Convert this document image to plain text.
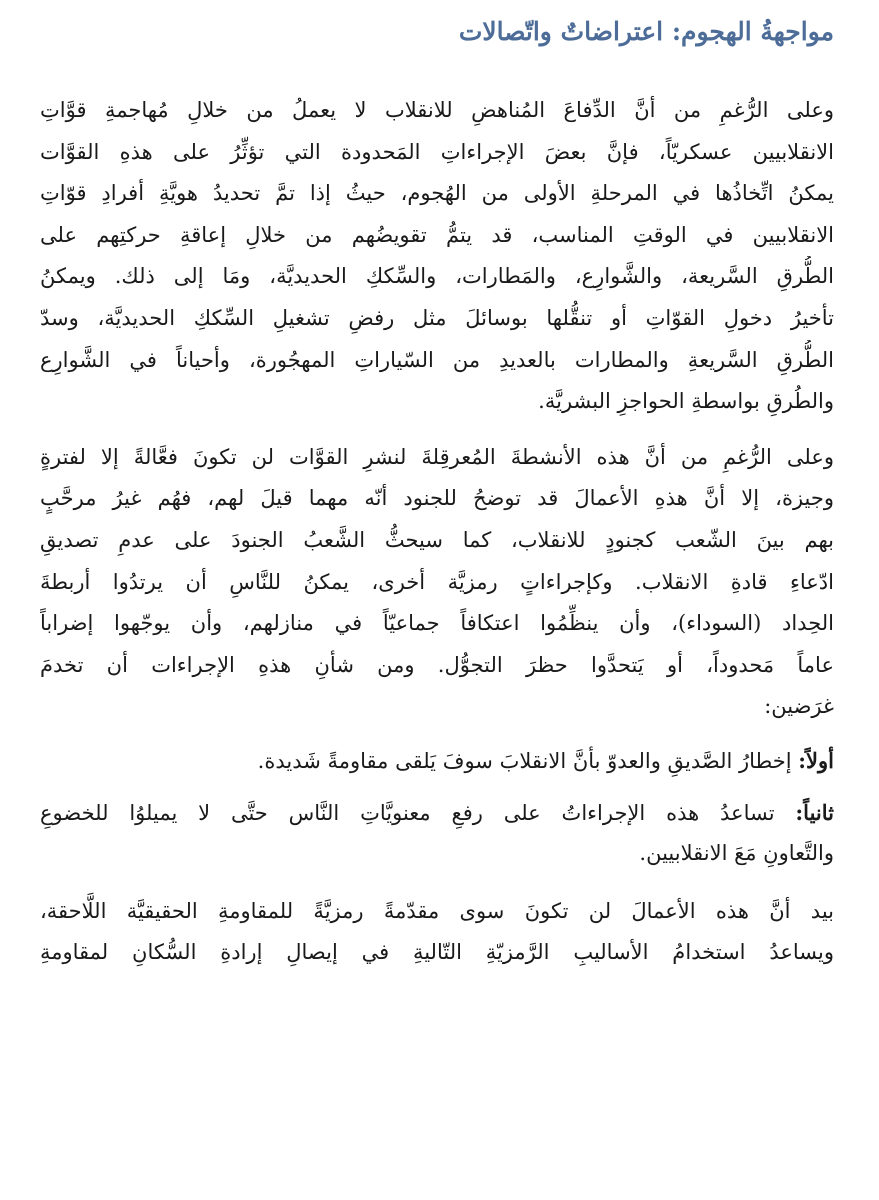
مواجهةُ الهجوم: اعتراضاتٌ واتّصالات

وعلى الرُّغمِ من أنَّ الدِّفاعَ المُناهضِ للانقلاب لا يعملُ من خلالِ مُهاجمةِ قوَّاتِ
الانقلابيين عسكريّاً، فإنَّ بعضَ الإجراءاتِ المَحدودة التي تؤثِّرُ على هذهِ القوَّات
يمكنُ اتِّخاذُها في المرحلةِ الأولى من الهُجوم، حيثُ إذا تمَّ تحديدُ هويَّةِ أفرادِ قوّاتِ
الانقلابيين في الوقتِ المناسب، قد يتمُّ تقويضُهم من خلالِ إعاقةِ حركتِهم على
الطُّرقِ السَّريعة، والشَّوارِع، والمَطارات، والسِّككِ الحديديَّة، ومَا إلى ذلك. ويمكنُ
تأخيرُ دخولِ القوّاتِ أو تنقُّلها بوسائلَ مثل رفضِ تشغيلِ السِّككِ الحديديَّة، وسدّ
الطُّرقِ السَّريعةِ والمطارات بالعديدِ من السّياراتِ المهجُورة، وأحياناً في الشَّوارِع
والطُرقِ بواسطةِ الحواجزِ البشريَّة.

وعلى الرُّغمِ من أنَّ هذه الأنشطةَ المُعرقِلةَ لنشرِ القوَّات لن تكونَ فعَّالةً إلا لفترةٍ
وجيزة، إلا أنَّ هذهِ الأعمالَ قد توضحُ للجنود أنّه مهما قيلَ لهم، فهُم غيرُ مرحَّبٍ
بهم بينَ الشّعب كجنودٍ للانقلاب، كما سيحثُّ الشَّعبُ الجنودَ على عدمِ تصديقِ
ادّعاءِ قادةِ الانقلاب. وكإجراءاتٍ رمزيَّة أخرى، يمكنُ للنَّاسِ أن يرتدُوا أربطةَ
الحِداد (السوداء)، وأن ينظِّمُوا اعتكافاً جماعيّاً في منازلهم، وأن يوجّهوا إضراباً
عاماً مَحدوداً، أو يَتحدَّوا حظرَ التجوُّل. ومن شأنِ هذهِ الإجراءات أن تخدمَ
غرَضين:

أولاً: إخطارُ الصَّديقِ والعدوّ بأنَّ الانقلابَ سوفَ يَلقى مقاومةً شَديدة.

ثانياً: تساعدُ هذه الإجراءاتُ على رفعِ معنويَّاتِ النَّاس حتَّى لا يميلوُا للخضوعِ
والتَّعاونِ مَعَ الانقلابيين.

بيد أنَّ هذه الأعمالَ لن تكونَ سوى مقدّمةً رمزيَّةً للمقاومةِ الحقيقيَّة اللَّاحقة،
ويساعدُ استخدامُ الأساليبِ الرَّمزيّةِ التّاليةِ في إيصالِ إرادةِ السُّكانِ لمقاومةِ
